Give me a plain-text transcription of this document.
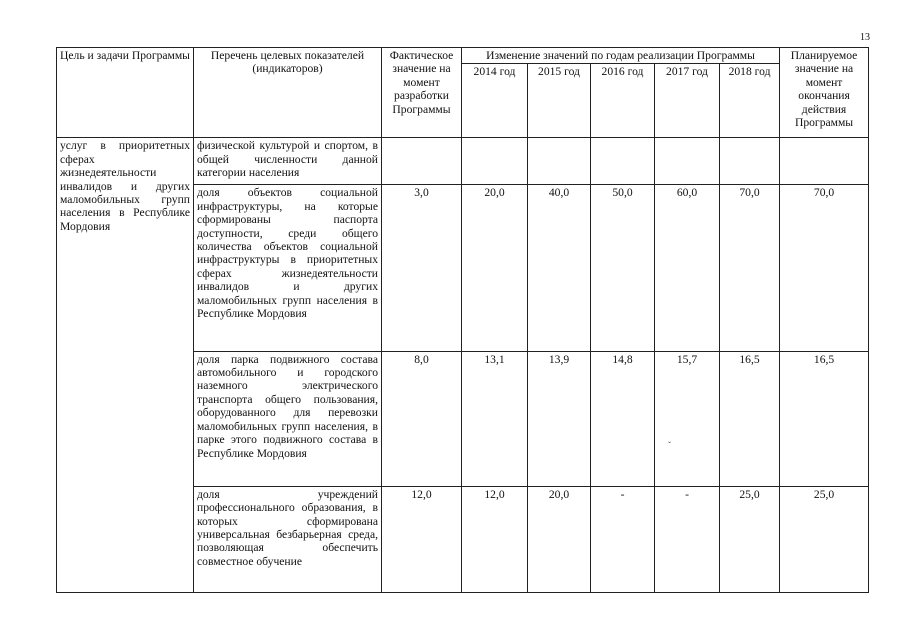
13
Цель и задачи Программы	Перечень целевых показателей (индикаторов)	Фактическое значение на момент разработки Программы	Изменение значений по годам реализации Программы					Планируемое значение на момент окончания действия Программы
			2014 год	2015 год	2016 год	2017 год	2018 год	
услуг в приоритетных сферах жизнедеятельности инвалидов и других маломобильных групп населения в Республике Мордовия	физической культурой и спортом, в общей численности данной категории населения							
	доля объектов социальной инфраструктуры, на которые сформированы паспорта доступности, среди общего количества объектов социальной инфраструктуры в приоритетных сферах жизнедеятельности инвалидов и других маломобильных групп населения в Республике Мордовия	3,0	20,0	40,0	50,0	60,0	70,0	70,0
	доля парка подвижного состава автомобильного и городского наземного электрического транспорта общего пользования, оборудованного для перевозки маломобильных групп населения, в парке этого подвижного состава в Республике Мордовия	8,0	13,1	13,9	14,8	15,7	16,5	16,5
	доля учреждений профессионального образования, в которых сформирована универсальная безбарьерная среда, позволяющая обеспечить совместное обучение	12,0	12,0	20,0	-	-	25,0	25,0
ˇ
